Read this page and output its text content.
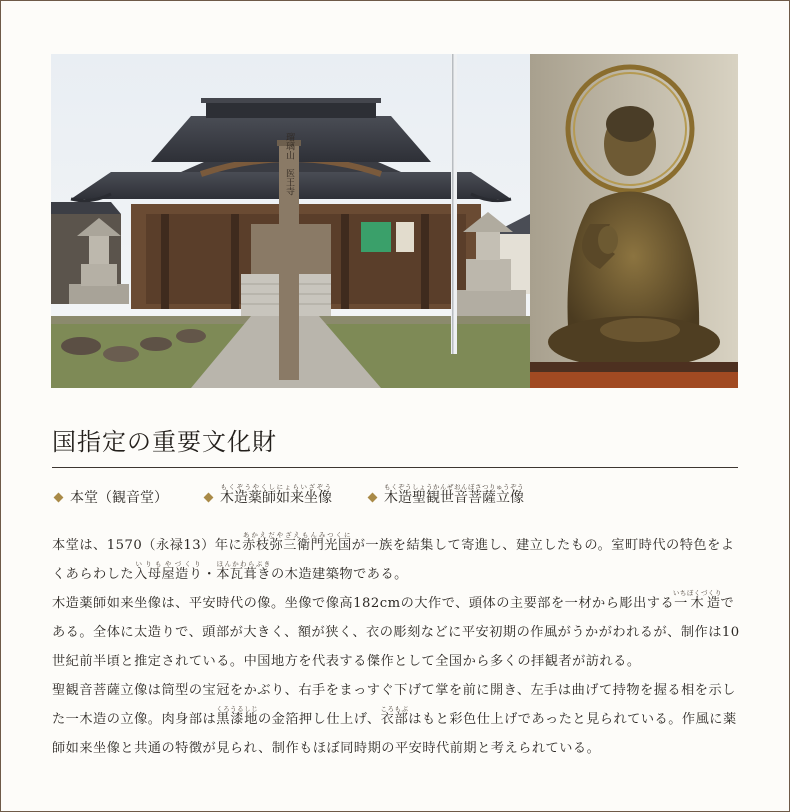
瑠璃山　医王寺
国指定の重要文化財
本堂（観音堂）	木造薬師如来坐像もくぞうやくしにょらいざぞう
木造聖観世音菩薩立像もくぞうしょうかんぜおんぼさつりゅうぞう

本堂は、1570（永禄13）年に赤枝弥三衛門光国あかえだやざえもんみつくにが一族を結集して寄進し、建立したもの。室町時代の特色をよくあらわした入母屋造りいりもやづくり・本瓦葺きほんかわらぶきの木造建築物である。

木造薬師如来坐像は、平安時代の像。坐像で像高182cmの大作で、頭体の主要部を一材から彫出する一木造いちぼくづくりである。全体に太造りで、頭部が大きく、額が狭く、衣の彫刻などに平安初期の作風がうかがわれるが、制作は10世紀前半頃と推定されている。中国地方を代表する傑作として全国から多くの拝観者が訪れる。

聖観音菩薩立像は筒型の宝冠をかぶり、右手をまっすぐ下げて掌を前に開き、左手は曲げて持物を握る相を示した一木造の立像。肉身部は黒漆地くろうるしじの金箔押し仕上げ、衣部ころもぶはもと彩色仕上げであったと見られている。作風に薬師如来坐像と共通の特徴が見られ、制作もほぼ同時期の平安時代前期と考えられている。
